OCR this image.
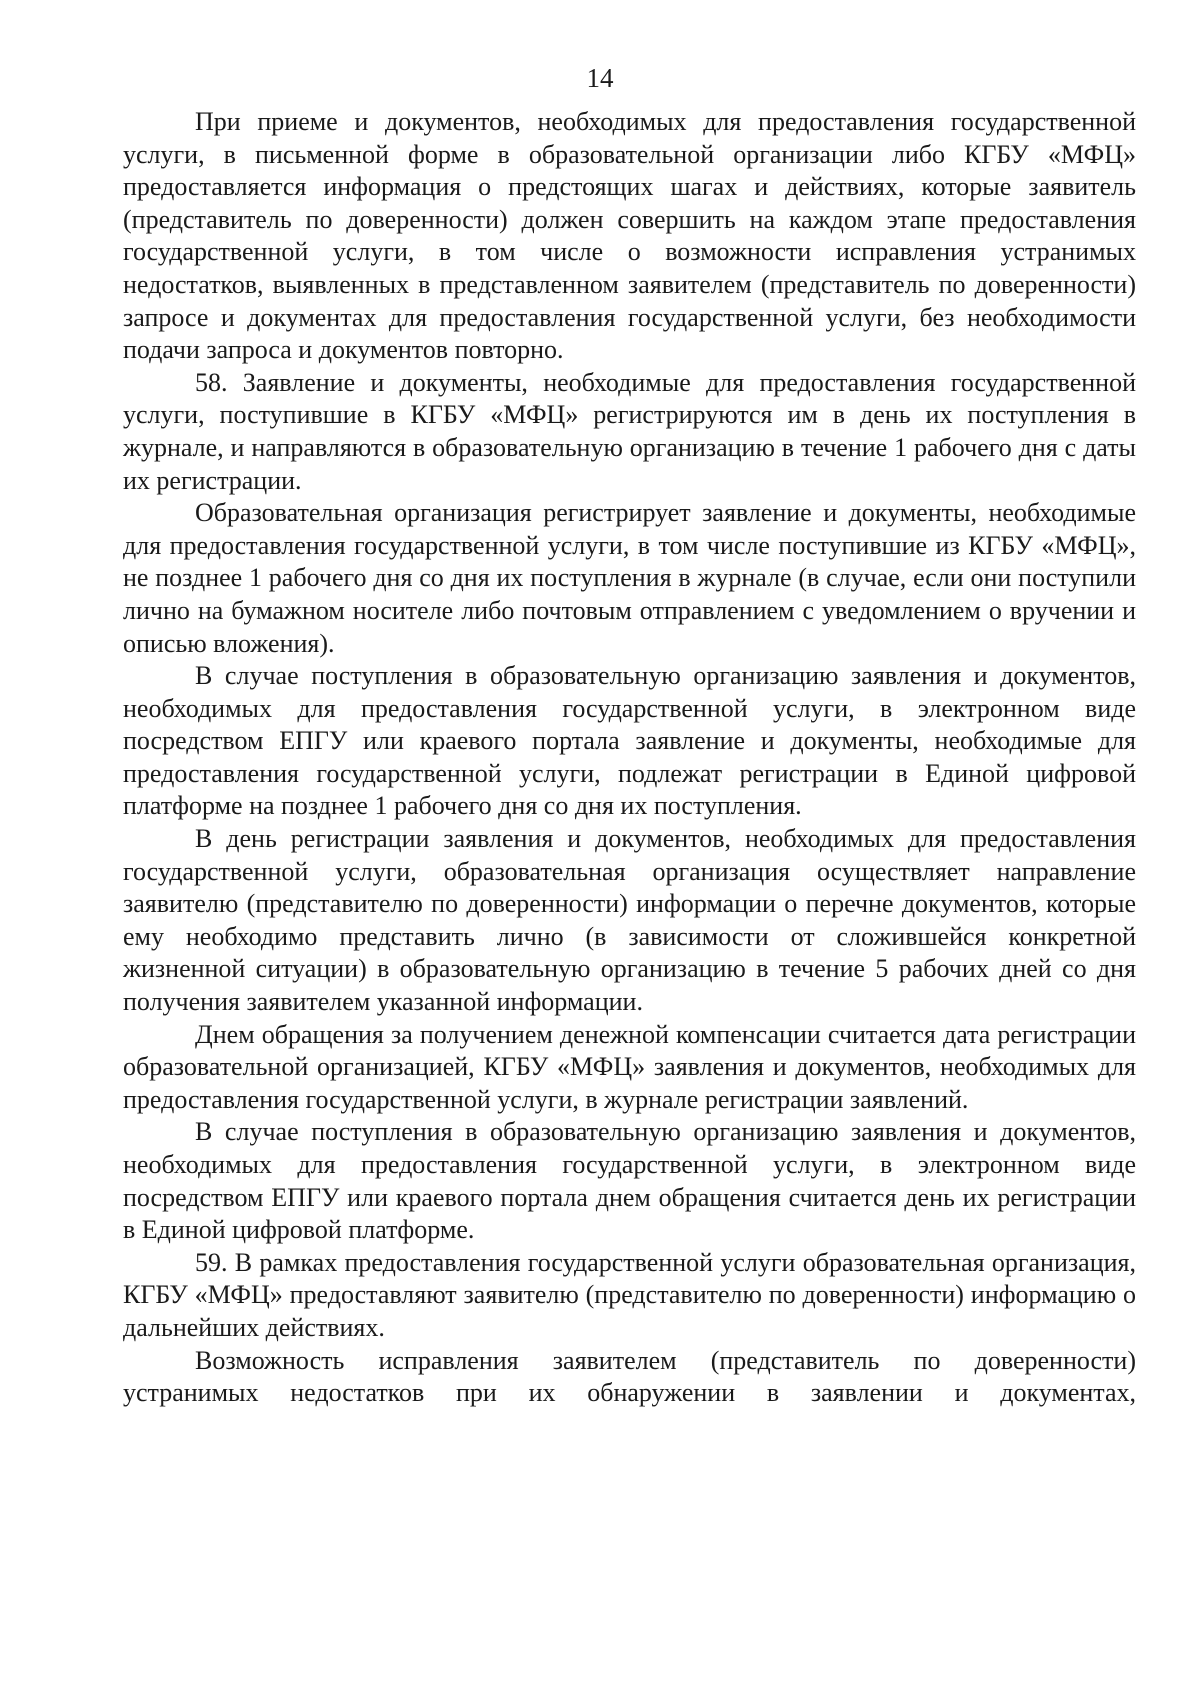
14

При приеме и документов, необходимых для предоставления государственной услуги, в письменной форме в образовательной организации либо КГБУ «МФЦ» предоставляется информация о предстоящих шагах и действиях, которые заявитель (представитель по доверенности) должен совершить на каждом этапе предоставления государственной услуги, в том числе о возможности исправления устранимых недостатков, выявленных в представленном заявителем (представитель по доверенности) запросе и документах для предоставления государственной услуги, без необходимости подачи запроса и документов повторно.

58. Заявление и документы, необходимые для предоставления государственной услуги, поступившие в КГБУ «МФЦ» регистрируются им в день их поступления в журнале, и направляются в образовательную организацию в течение 1 рабочего дня с даты их регистрации.

Образовательная организация регистрирует заявление и документы, необходимые для предоставления государственной услуги, в том числе поступившие из КГБУ «МФЦ», не позднее 1 рабочего дня со дня их поступления в журнале (в случае, если они поступили лично на бумажном носителе либо почтовым отправлением с уведомлением о вручении и описью вложения).

В случае поступления в образовательную организацию заявления и документов, необходимых для предоставления государственной услуги, в электронном виде посредством ЕПГУ или краевого портала заявление и документы, необходимые для предоставления государственной услуги, подлежат регистрации в Единой цифровой платформе на позднее 1 рабочего дня со дня их поступления.

В день регистрации заявления и документов, необходимых для предоставления государственной услуги, образовательная организация осуществляет направление заявителю (представителю по доверенности) информации о перечне документов, которые ему необходимо представить лично (в зависимости от сложившейся конкретной жизненной ситуации) в образовательную организацию в течение 5 рабочих дней со дня получения заявителем указанной информации.

Днем обращения за получением денежной компенсации считается дата регистрации образовательной организацией, КГБУ «МФЦ» заявления и документов, необходимых для предоставления государственной услуги, в журнале регистрации заявлений.

В случае поступления в образовательную организацию заявления и документов, необходимых для предоставления государственной услуги, в электронном виде посредством ЕПГУ или краевого портала днем обращения считается день их регистрации в Единой цифровой платформе.

59. В рамках предоставления государственной услуги образовательная организация, КГБУ «МФЦ» предоставляют заявителю (представителю по доверенности) информацию о дальнейших действиях.

Возможность исправления заявителем (представитель по доверенности) устранимых недостатков при их обнаружении в заявлении и документах,
